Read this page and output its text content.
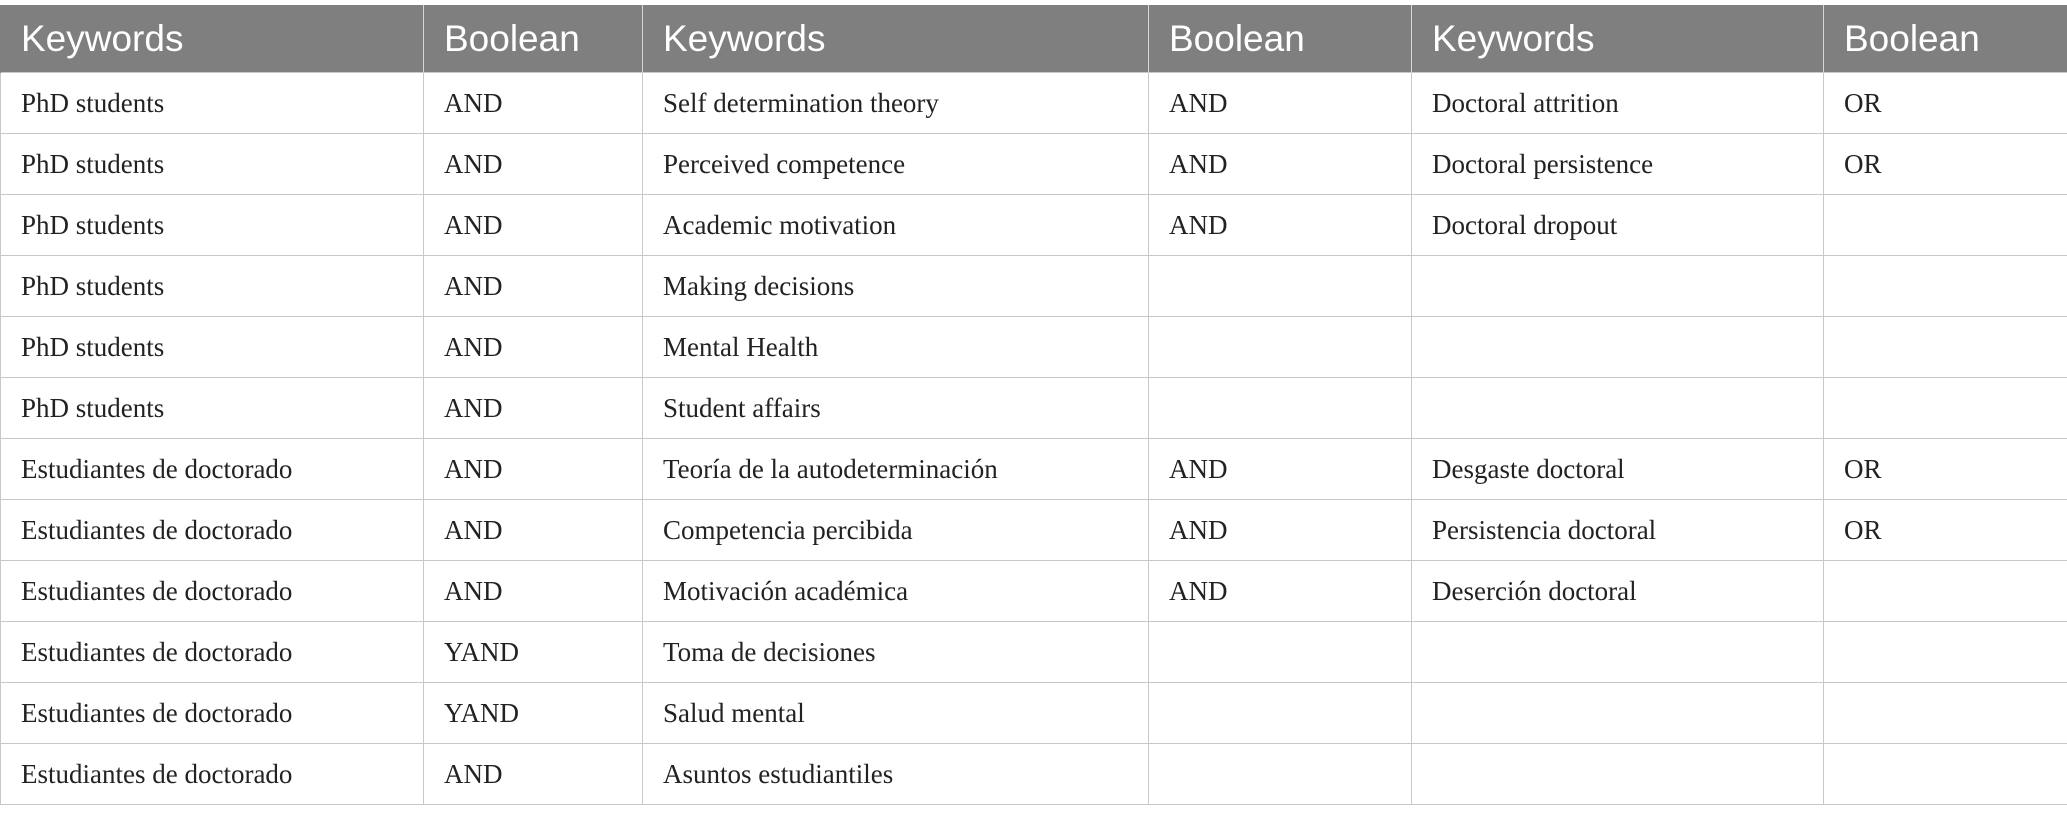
Keywords	Boolean	Keywords	Boolean	Keywords	Boolean
PhD students	AND	Self determination theory	AND	Doctoral attrition	OR
PhD students	AND	Perceived competence	AND	Doctoral persistence	OR
PhD students	AND	Academic motivation	AND	Doctoral dropout	
PhD students	AND	Making decisions			
PhD students	AND	Mental Health			
PhD students	AND	Student affairs			
Estudiantes de doctorado	AND	Teoría de la autodeterminación	AND	Desgaste doctoral	OR
Estudiantes de doctorado	AND	Competencia percibida	AND	Persistencia doctoral	OR
Estudiantes de doctorado	AND	Motivación académica	AND	Deserción doctoral	
Estudiantes de doctorado	YAND	Toma de decisiones			
Estudiantes de doctorado	YAND	Salud mental			
Estudiantes de doctorado	AND	Asuntos estudiantiles			
